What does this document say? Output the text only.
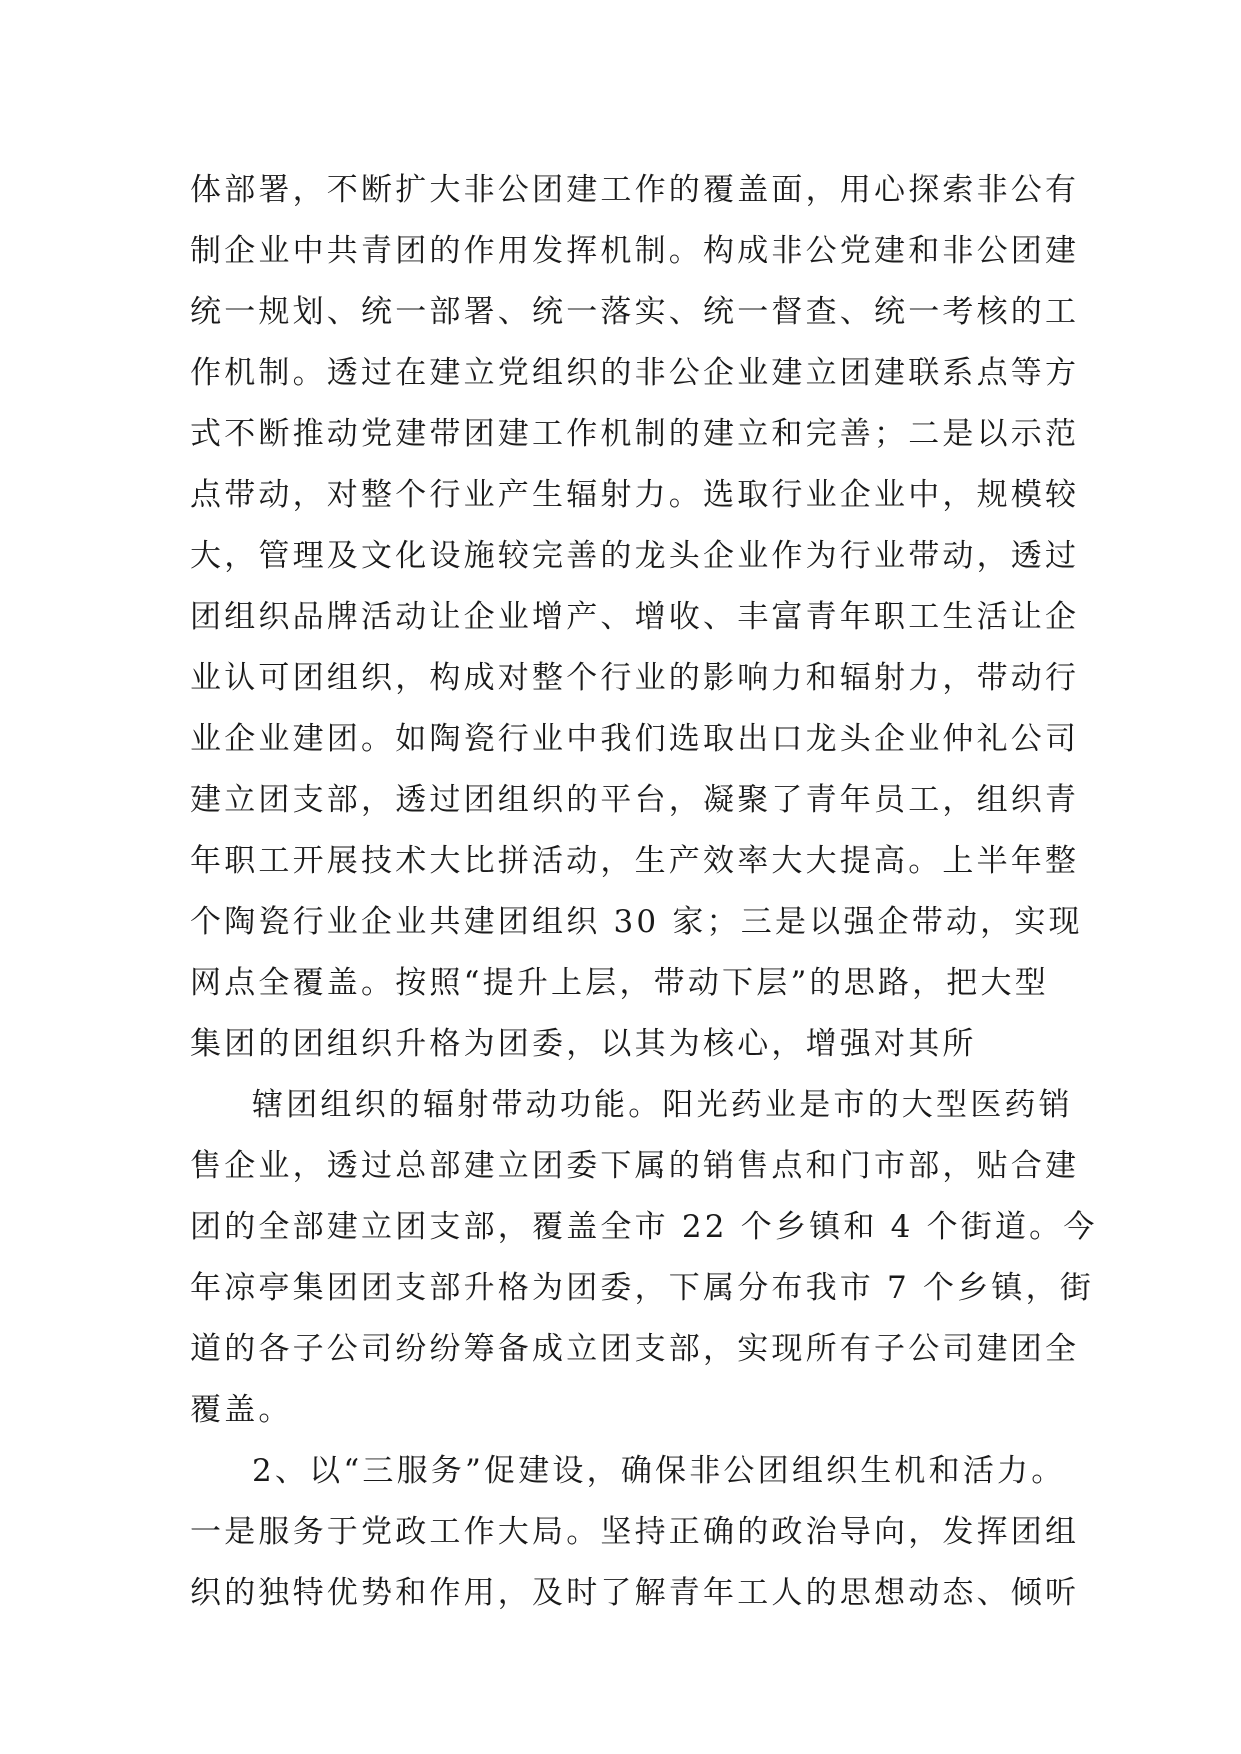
体部署，不断扩大非公团建工作的覆盖面，用心探索非公有
制企业中共青团的作用发挥机制。构成非公党建和非公团建
统一规划、统一部署、统一落实、统一督查、统一考核的工
作机制。透过在建立党组织的非公企业建立团建联系点等方
式不断推动党建带团建工作机制的建立和完善；二是以示范
点带动，对整个行业产生辐射力。选取行业企业中，规模较
大，管理及文化设施较完善的龙头企业作为行业带动，透过
团组织品牌活动让企业增产、增收、丰富青年职工生活让企
业认可团组织，构成对整个行业的影响力和辐射力，带动行
业企业建团。如陶瓷行业中我们选取出口龙头企业仲礼公司
建立团支部，透过团组织的平台，凝聚了青年员工，组织青
年职工开展技术大比拼活动，生产效率大大提高。上半年整
个陶瓷行业企业共建团组织 30 家；三是以强企带动，实现
网点全覆盖。按照“提升上层，带动下层”的思路，把大型
集团的团组织升格为团委，以其为核心，增强对其所
辖团组织的辐射带动功能。阳光药业是市的大型医药销
售企业，透过总部建立团委下属的销售点和门市部，贴合建
团的全部建立团支部，覆盖全市 22 个乡镇和 4 个街道。今
年凉亭集团团支部升格为团委，下属分布我市 7 个乡镇，街
道的各子公司纷纷筹备成立团支部，实现所有子公司建团全
覆盖。
2、以“三服务”促建设，确保非公团组织生机和活力。
一是服务于党政工作大局。坚持正确的政治导向，发挥团组
织的独特优势和作用，及时了解青年工人的思想动态、倾听
